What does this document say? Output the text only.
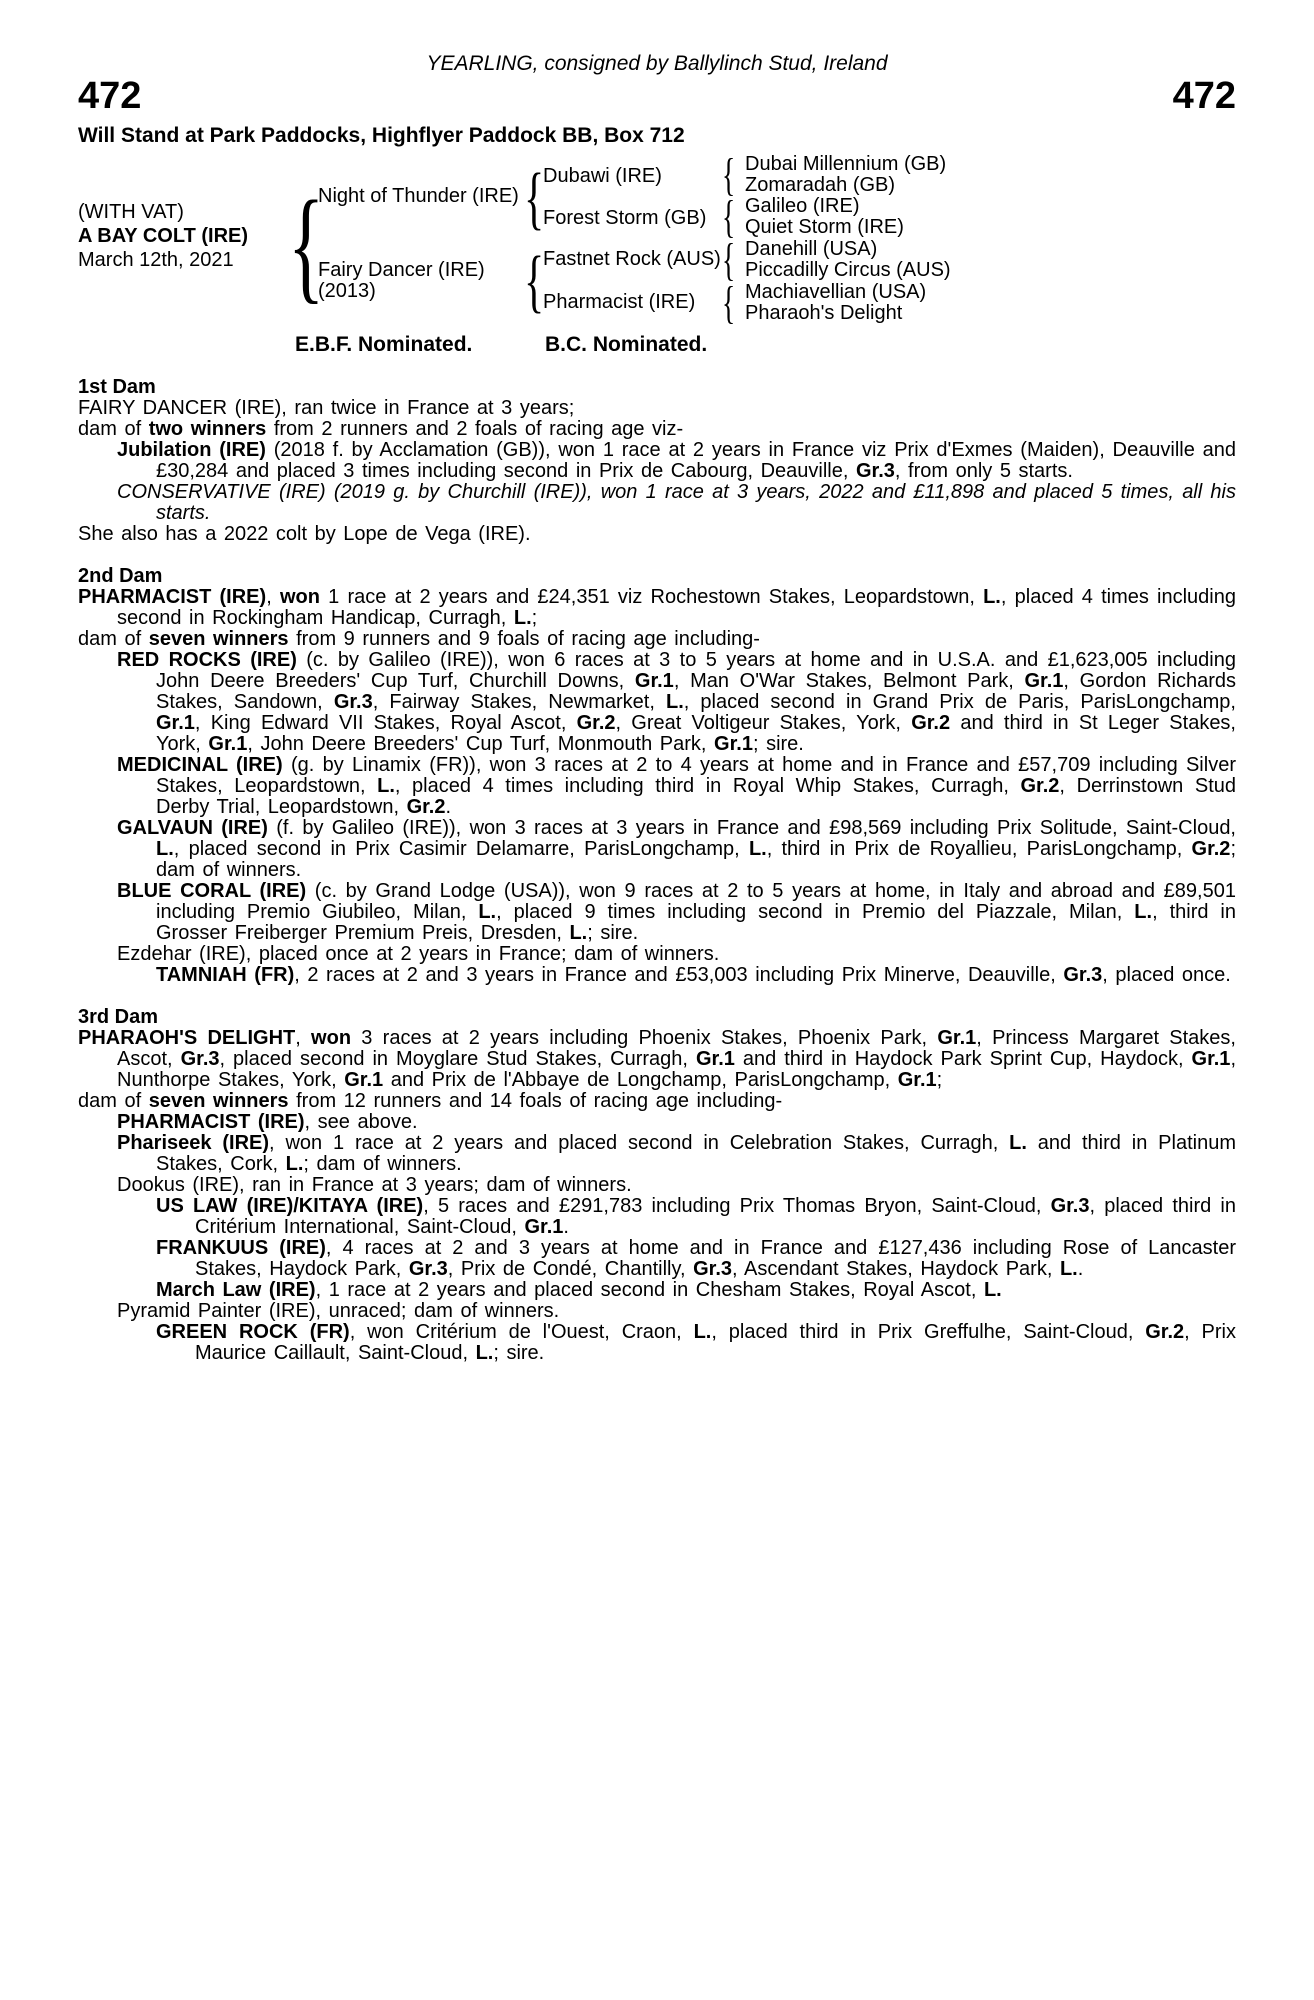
YEARLING, consigned by Ballylinch Stud, Ireland
472	472
Will Stand at Park Paddocks, Highflyer Paddock BB, Box 712
(WITH VAT)
A BAY COLT (IRE)
March 12th, 2021 {	{
{
{
{
{
{
Night of Thunder (IRE)
Fairy Dancer (IRE)
(2013)
Dubawi (IRE)
Forest Storm (GB)
Fastnet Rock (AUS)
Pharmacist (IRE)
Dubai Millennium (GB)
Zomaradah (GB)
Galileo (IRE)
Quiet Storm (IRE)
Danehill (USA)
Piccadilly Circus (AUS)
Machiavellian (USA)
Pharaoh's Delight
E.B.F. Nominated.	B.C. Nominated.
1st Dam

FAIRY DANCER (IRE), ran twice in France at 3 years;

dam of two winners from 2 runners and 2 foals of racing age viz-

Jubilation (IRE) (2018 f. by Acclamation (GB)), won 1 race at 2 years in France viz Prix d'Exmes (Maiden), Deauville and £30,284 and placed 3 times including second in Prix de Cabourg, Deauville, Gr.3, from only 5 starts.

CONSERVATIVE (IRE) (2019 g. by Churchill (IRE)), won 1 race at 3 years, 2022 and £11,898 and placed 5 times, all his starts.

She also has a 2022 colt by Lope de Vega (IRE).

2nd Dam

PHARMACIST (IRE), won 1 race at 2 years and £24,351 viz Rochestown Stakes, Leopardstown, L., placed 4 times including second in Rockingham Handicap, Curragh, L.;

dam of seven winners from 9 runners and 9 foals of racing age including-

RED ROCKS (IRE) (c. by Galileo (IRE)), won 6 races at 3 to 5 years at home and in U.S.A. and £1,623,005 including John Deere Breeders' Cup Turf, Churchill Downs, Gr.1, Man O'War Stakes, Belmont Park, Gr.1, Gordon Richards Stakes, Sandown, Gr.3, Fairway Stakes, Newmarket, L., placed second in Grand Prix de Paris, ParisLongchamp, Gr.1, King Edward VII Stakes, Royal Ascot, Gr.2, Great Voltigeur Stakes, York, Gr.2 and third in St Leger Stakes, York, Gr.1, John Deere Breeders' Cup Turf, Monmouth Park, Gr.1; sire.

MEDICINAL (IRE) (g. by Linamix (FR)), won 3 races at 2 to 4 years at home and in France and £57,709 including Silver Stakes, Leopardstown, L., placed 4 times including third in Royal Whip Stakes, Curragh, Gr.2, Derrinstown Stud Derby Trial, Leopardstown, Gr.2.

GALVAUN (IRE) (f. by Galileo (IRE)), won 3 races at 3 years in France and £98,569 including Prix Solitude, Saint-Cloud, L., placed second in Prix Casimir Delamarre, ParisLongchamp, L., third in Prix de Royallieu, ParisLongchamp, Gr.2; dam of winners.

BLUE CORAL (IRE) (c. by Grand Lodge (USA)), won 9 races at 2 to 5 years at home, in Italy and abroad and £89,501 including Premio Giubileo, Milan, L., placed 9 times including second in Premio del Piazzale, Milan, L., third in Grosser Freiberger Premium Preis, Dresden, L.; sire.

Ezdehar (IRE), placed once at 2 years in France; dam of winners.

TAMNIAH (FR), 2 races at 2 and 3 years in France and £53,003 including Prix Minerve, Deauville, Gr.3, placed once.

3rd Dam

PHARAOH'S DELIGHT, won 3 races at 2 years including Phoenix Stakes, Phoenix Park, Gr.1, Princess Margaret Stakes, Ascot, Gr.3, placed second in Moyglare Stud Stakes, Curragh, Gr.1 and third in Haydock Park Sprint Cup, Haydock, Gr.1, Nunthorpe Stakes, York, Gr.1 and Prix de l'Abbaye de Longchamp, ParisLongchamp, Gr.1;

dam of seven winners from 12 runners and 14 foals of racing age including-

PHARMACIST (IRE), see above.

Phariseek (IRE), won 1 race at 2 years and placed second in Celebration Stakes, Curragh, L. and third in Platinum Stakes, Cork, L.; dam of winners.

Dookus (IRE), ran in France at 3 years; dam of winners.

US LAW (IRE)/KITAYA (IRE), 5 races and £291,783 including Prix Thomas Bryon, Saint-Cloud, Gr.3, placed third in Critérium International, Saint-Cloud, Gr.1.

FRANKUUS (IRE), 4 races at 2 and 3 years at home and in France and £127,436 including Rose of Lancaster Stakes, Haydock Park, Gr.3, Prix de Condé, Chantilly, Gr.3, Ascendant Stakes, Haydock Park, L..

March Law (IRE), 1 race at 2 years and placed second in Chesham Stakes, Royal Ascot, L.

Pyramid Painter (IRE), unraced; dam of winners.

GREEN ROCK (FR), won Critérium de l'Ouest, Craon, L., placed third in Prix Greffulhe, Saint-Cloud, Gr.2, Prix Maurice Caillault, Saint-Cloud, L.; sire.
